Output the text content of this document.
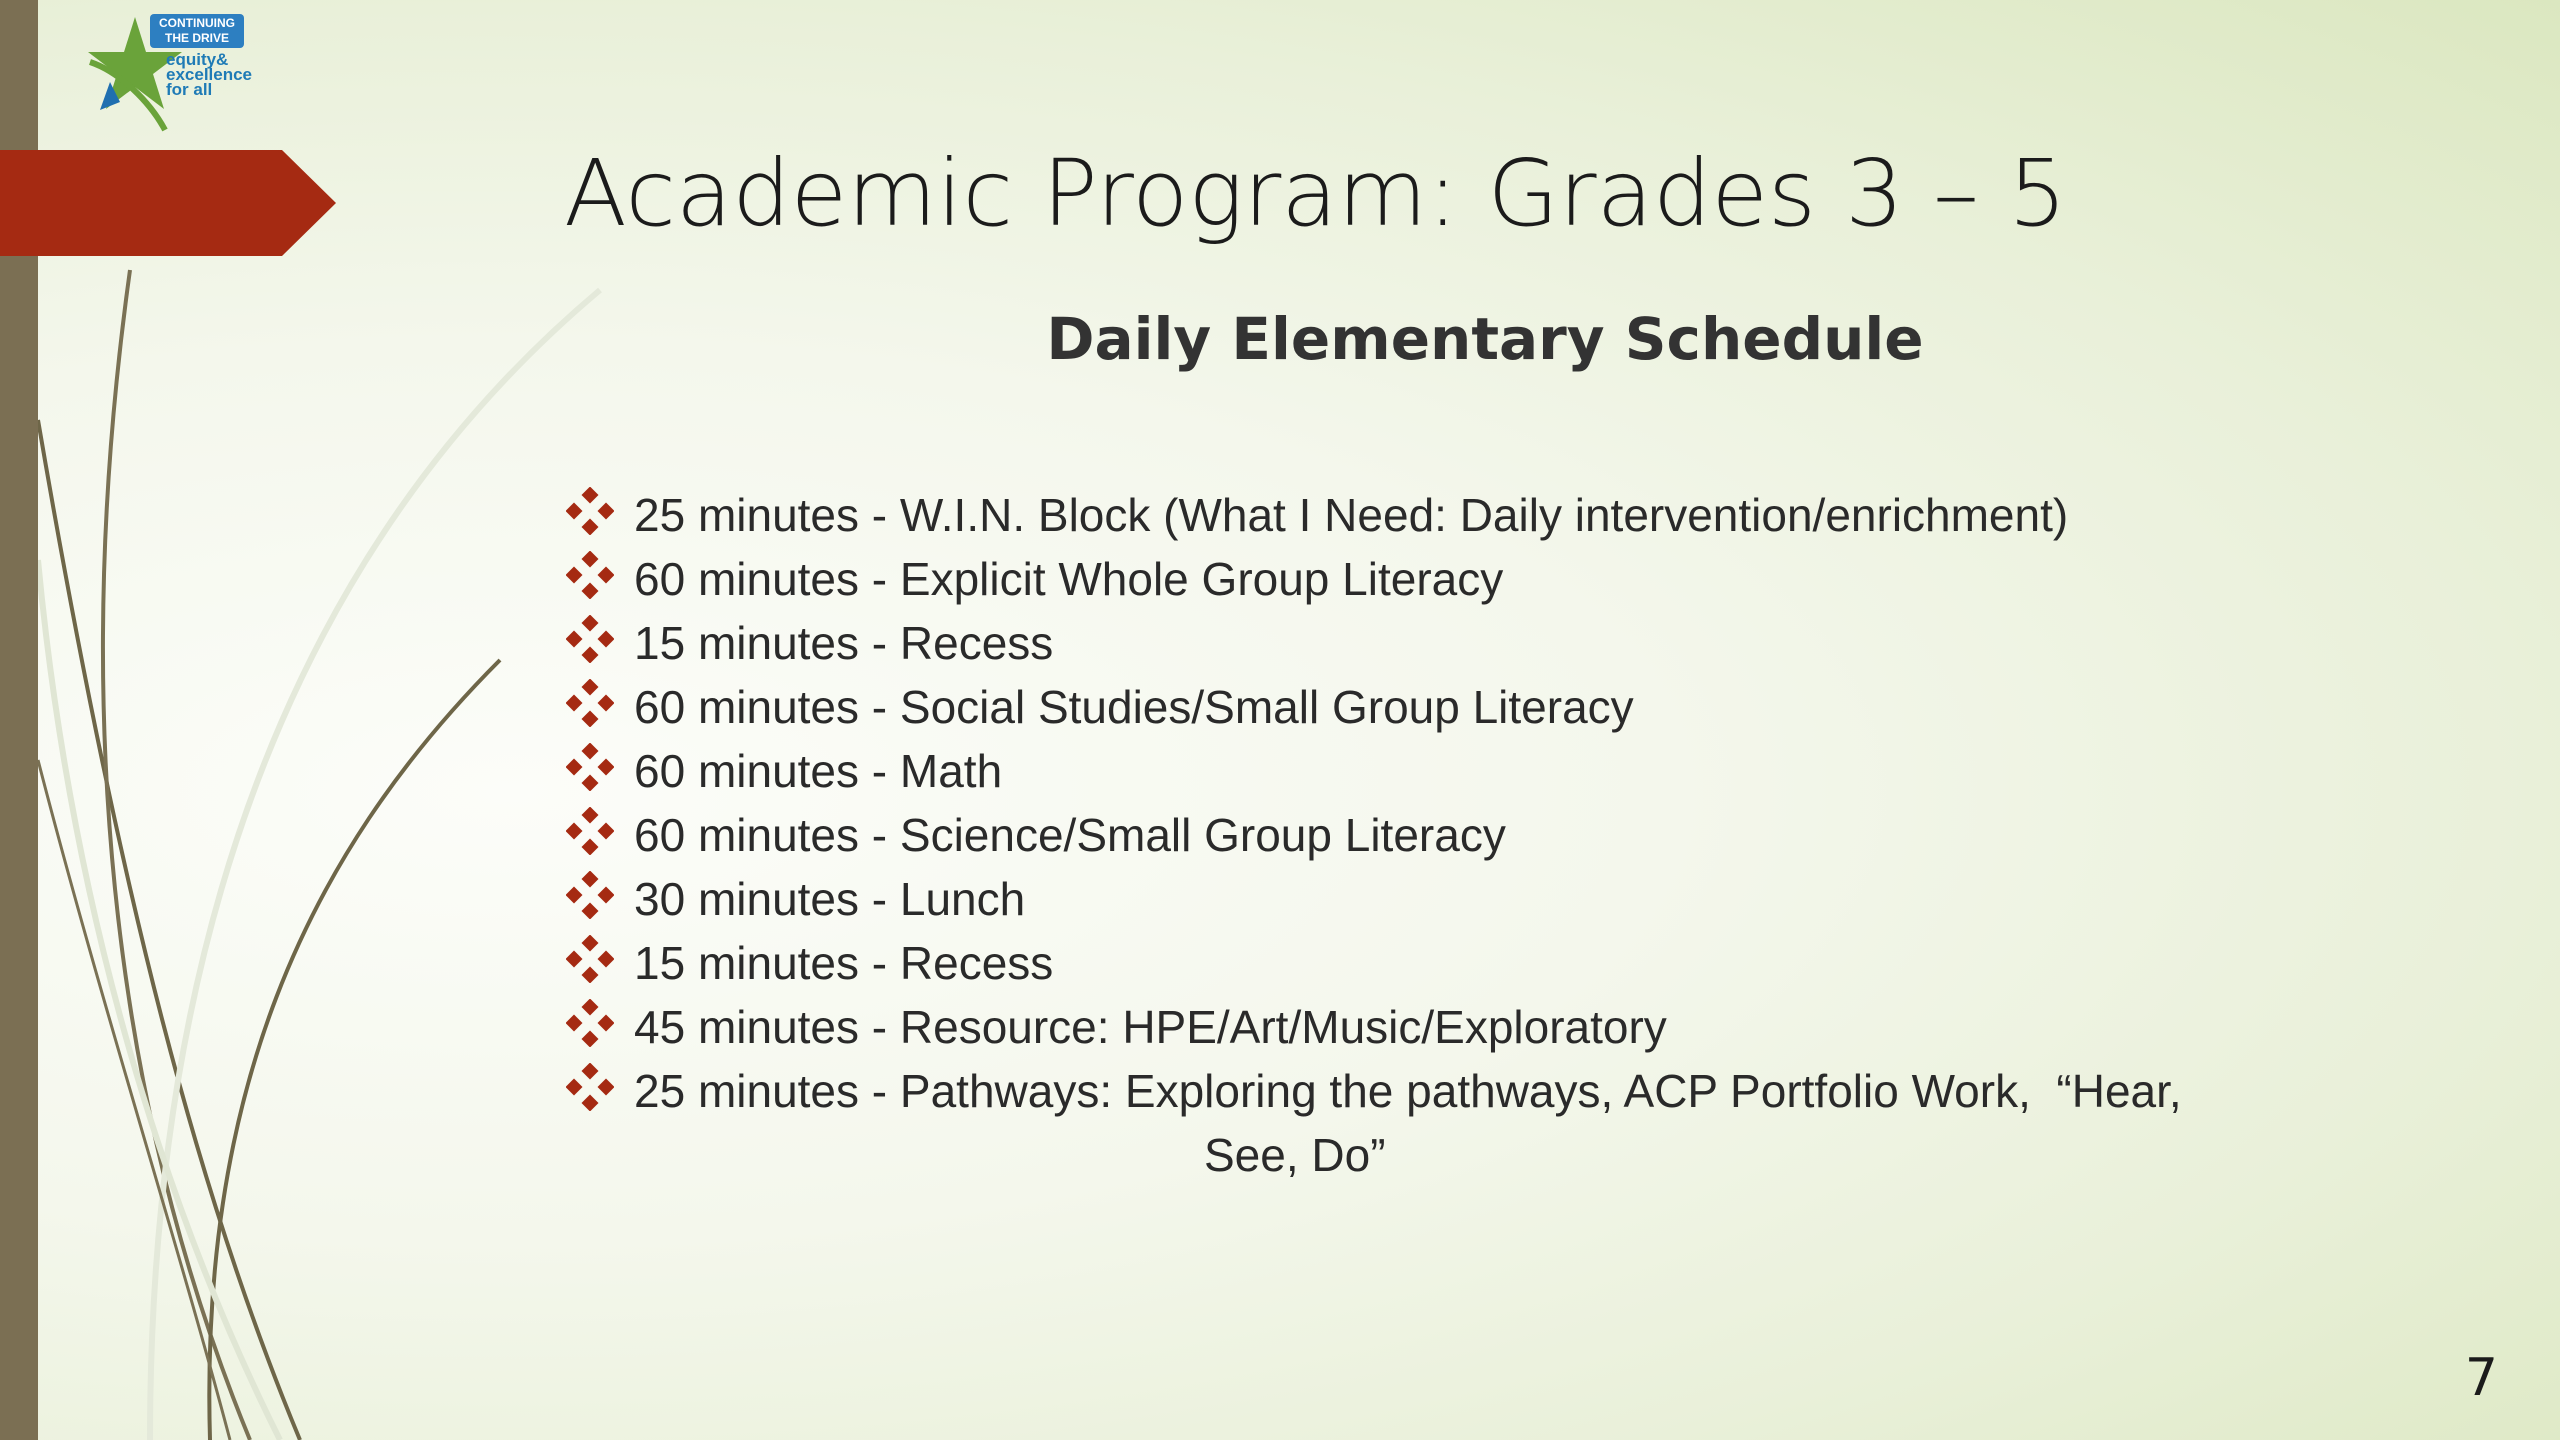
CONTINUING
THE DRIVE
equity&
excellence
for all
Academic Program: Grades 3 – 5
Daily Elementary Schedule
25 minutes - W.I.N. Block (What I Need: Daily intervention/enrichment)
60 minutes - Explicit Whole Group Literacy
15 minutes - Recess
60 minutes - Social Studies/Small Group Literacy
60 minutes - Math
60 minutes - Science/Small Group Literacy
30 minutes - Lunch
15 minutes - Recess
45 minutes - Resource: HPE/Art/Music/Exploratory
25 minutes - Pathways: Exploring the pathways, ACP Portfolio Work,  “Hear,
See, Do”
7
